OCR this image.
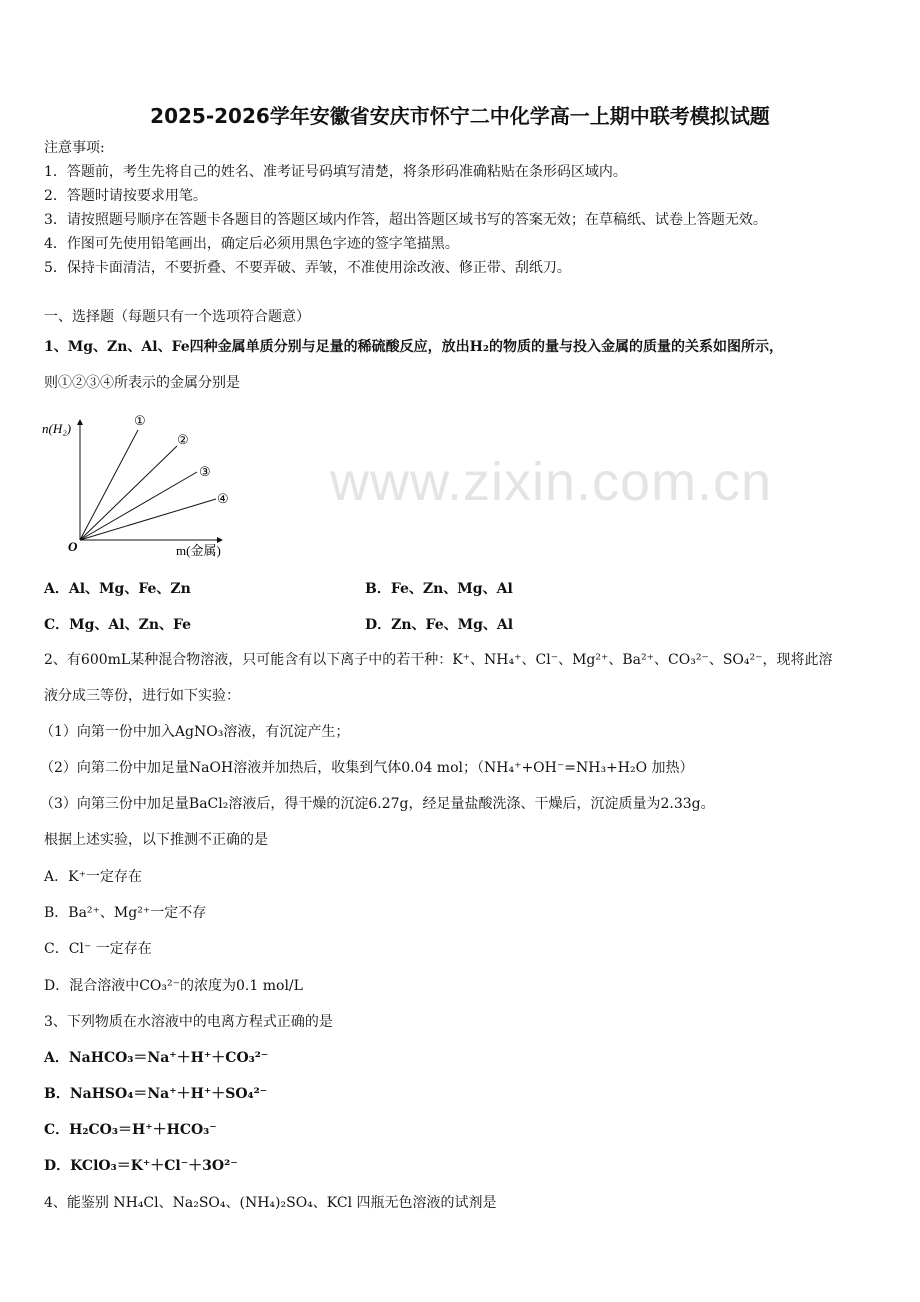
www.zixin.com.cn
2025-2026学年安徽省安庆市怀宁二中化学高一上期中联考模拟试题
注意事项:
1．答题前，考生先将自己的姓名、准考证号码填写清楚，将条形码准确粘贴在条形码区域内。
2．答题时请按要求用笔。
3．请按照题号顺序在答题卡各题目的答题区域内作答，超出答题区域书写的答案无效；在草稿纸、试卷上答题无效。
4．作图可先使用铅笔画出，确定后必须用黑色字迹的签字笔描黑。
5．保持卡面清洁，不要折叠、不要弄破、弄皱，不准使用涂改液、修正带、刮纸刀。
一、选择题（每题只有一个选项符合题意）
1、Mg、Zn、Al、Fe四种金属单质分别与足量的稀硫酸反应，放出H₂的物质的量与投入金属的质量的关系如图所示，
则①②③④所表示的金属分别是
n(H₂)
O	m(金属)
①
②
③
④
A．Al、Mg、Fe、Zn	B．Fe、Zn、Mg、Al
C．Mg、Al、Zn、Fe	D．Zn、Fe、Mg、Al
2、有600mL某种混合物溶液，只可能含有以下离子中的若干种：K⁺、NH₄⁺、Cl⁻、Mg²⁺、Ba²⁺、CO₃²⁻、SO₄²⁻，现将此溶
液分成三等份，进行如下实验：
（1）向第一份中加入AgNO₃溶液，有沉淀产生；
（2）向第二份中加足量NaOH溶液并加热后，收集到气体0.04 mol；（NH₄⁺+OH⁻=NH₃+H₂O 加热）
（3）向第三份中加足量BaCl₂溶液后，得干燥的沉淀6.27g，经足量盐酸洗涤、干燥后，沉淀质量为2.33g。
根据上述实验，以下推测不正确的是
A．K⁺一定存在
B．Ba²⁺、Mg²⁺一定不存
C．Cl⁻ 一定存在
D．混合溶液中CO₃²⁻的浓度为0.1 mol/L
3、下列物质在水溶液中的电离方程式正确的是
A．NaHCO₃＝Na⁺＋H⁺＋CO₃²⁻
B．NaHSO₄＝Na⁺＋H⁺＋SO₄²⁻
C．H₂CO₃＝H⁺＋HCO₃⁻
D．KClO₃＝K⁺＋Cl⁻＋3O²⁻
4、能鉴别 NH₄Cl、Na₂SO₄、(NH₄)₂SO₄、KCl 四瓶无色溶液的试剂是
